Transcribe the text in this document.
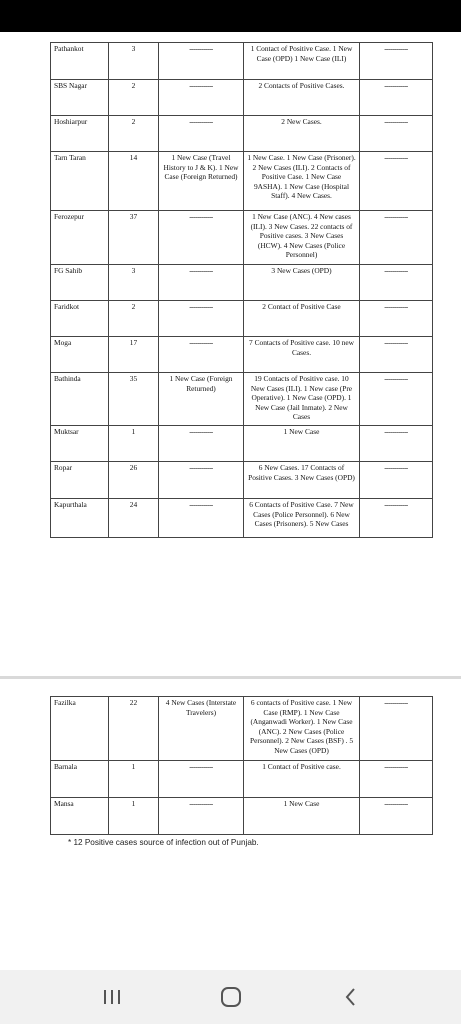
Pathankot	3	------------	1 Contact of Positive Case. 1 New Case (OPD) 1 New Case (ILI)	------------
SBS Nagar	2	------------	2 Contacts of Positive Cases.	------------
Hoshiarpur	2	------------	2 New Cases.	------------
Tarn Taran	14	1 New Case (Travel History to J & K). 1 New Case (Foreign Returned)	1 New Case. 1 New Case (Prisoner). 2 New Cases (ILI). 2 Contacts of Positive Case. 1 New Case 9ASHA). 1 New Case (Hospital Staff). 4 New Cases.	------------
Ferozepur	37	------------	1 New Case (ANC). 4 New cases (ILI). 3 New Cases. 22 contacts of Positive cases. 3 New Cases (HCW). 4 New Cases (Police Personnel)	------------
FG Sahib	3	------------	3 New Cases (OPD)	------------
Faridkot	2	------------	2 Contact of Positive Case	------------
Moga	17	------------	7 Contacts of Positive case. 10 new Cases.	------------
Bathinda	35	1 New Case (Foreign Returned)	19 Contacts of Positive case. 10 New Cases (ILI). 1 New case (Pre Operative). 1 New Case (OPD). 1 New Case (Jail Inmate). 2 New Cases	------------
Muktsar	1	------------	1 New Case	------------
Ropar	26	------------	6 New Cases. 17 Contacts of Positive Cases. 3 New Cases (OPD)	------------
Kapurthala	24	------------	6 Contacts of Positive Case. 7 New Cases (Police Personnel). 6 New Cases (Prisoners). 5 New Cases	------------
Fazilka	22	4 New Cases (Interstate Travelers)	6 contacts of Positive case. 1 New Case (RMP). 1 New Case (Anganwadi Worker). 1 New Case (ANC). 2 New Cases (Police Personnel). 2 New Cases (BSF) . 5 New Cases (OPD)	------------
Barnala	1	------------	1 Contact of Positive case.	------------
Mansa	1	------------	1 New Case	------------
* 12 Positive cases source of infection out of Punjab.
